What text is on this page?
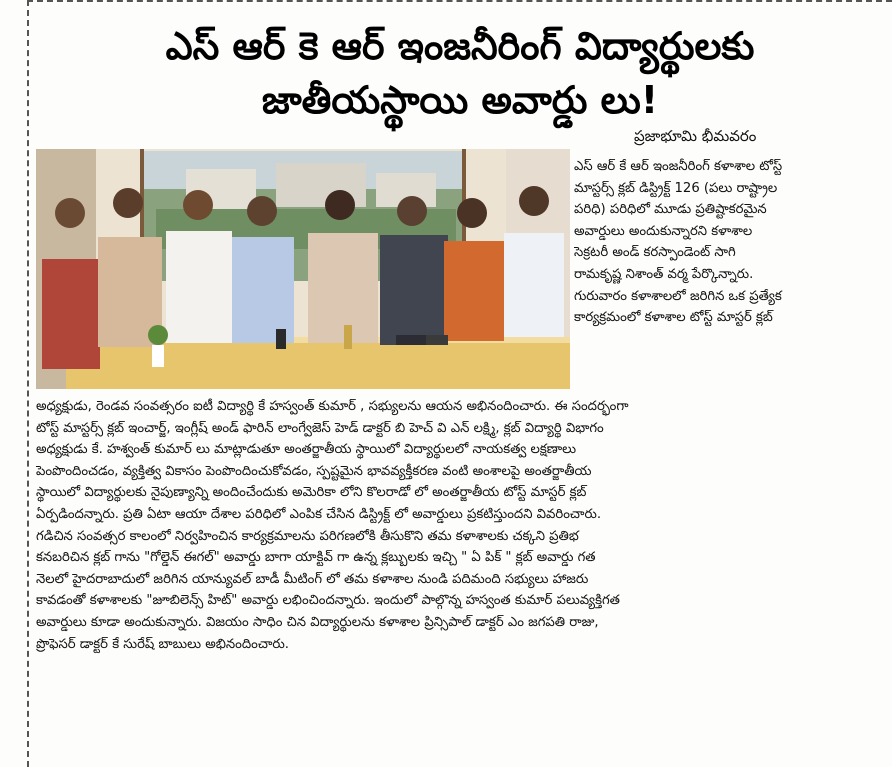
ఎస్ ఆర్ కె ఆర్ ఇంజనీరింగ్ విద్యార్థులకు
జాతీయస్థాయి అవార్డు లు!
ప్రజాభూమి భీమవరం
ఎస్ ఆర్ కే ఆర్ ఇంజనీరింగ్ కళాశాల టోస్ట్
మాస్టర్స్ క్లబ్ డిస్ట్రిక్ట్ 126 (పలు రాష్ట్రాల
పరిధి) పరిధిలో మూడు ప్రతిష్టాకరమైన
అవార్డులు అందుకున్నారని కళాశాల
సెక్రటరీ అండ్ కరస్పాండెంట్ సాగి
రామకృష్ణ నిశాంత్ వర్మ పేర్కొన్నారు.
గురువారం కళాశాలలో జరిగిన ఒక ప్రత్యేక
కార్యక్రమంలో కళాశాల టోస్ట్ మాస్టర్ క్లబ్
అధ్యక్షుడు, రెండవ సంవత్సరం ఐటీ విద్యార్థి కే హస్వంత్ కుమార్ , సభ్యులను ఆయన అభినందించారు. ఈ సందర్భంగా
టోస్ట్ మాస్టర్స్ క్లబ్ ఇంచార్జ్, ఇంగ్లీష్ అండ్ ఫారిన్ లాంగ్వేజెస్ హెడ్ డాక్టర్ బి హెచ్ వి ఎన్ లక్ష్మి, క్లబ్ విద్యార్థి విభాగం
అధ్యక్షుడు కే. హశ్వంత్ కుమార్ లు మాట్లాడుతూ అంతర్జాతీయ స్థాయిలో విద్యార్థులలో నాయకత్వ లక్షణాలు
పెంపొందించడం, వ్యక్తిత్వ వికాసం పెంపొందించుకోవడం, స్పష్టమైన భావవ్యక్తీకరణ వంటి అంశాలపై అంతర్జాతీయ
స్థాయిలో విద్యార్థులకు నైపుణ్యాన్ని అందించేందుకు అమెరికా లోని కొలరాడో లో అంతర్జాతీయ టోస్ట్ మాస్టర్ క్లబ్
ఏర్పడిందన్నారు. ప్రతి ఏటా ఆయా దేశాల పరిధిలో ఎంపిక చేసిన డిస్ట్రిక్ట్ లో అవార్డులు ప్రకటిస్తుందని వివరించారు.
గడిచిన సంవత్సర కాలంలో నిర్వహించిన కార్యక్రమాలను పరిగణలోకి తీసుకొని తమ కళాశాలకు చక్కని ప్రతిభ
కనబరిచిన క్లబ్ గాను "గోల్డెన్ ఈగల్" అవార్డు బాగా యాక్టివ్ గా ఉన్న క్లబ్బులకు ఇచ్చి " ఏ పిక్ " క్లబ్ అవార్డు గత
నెలలో హైదరాబాదులో జరిగిన యాన్యువల్ బాడీ మీటింగ్ లో తమ కళాశాల నుండి పదిమంది సభ్యులు హాజరు
కావడంతో కళాశాలకు "జూబిలెన్స్ హిట్" అవార్డు లభించిందన్నారు. ఇందులో పాల్గొన్న హస్వంత కుమార్ పలువ్యక్తిగత
అవార్డులు కూడా అందుకున్నారు. విజయం సాధిం చిన విద్యార్థులను కళాశాల ప్రిన్సిపాల్ డాక్టర్ ఎం జగపతి రాజు,
ప్రొఫెసర్ డాక్టర్ కే సురేష్ బాబులు అభినందించారు.
